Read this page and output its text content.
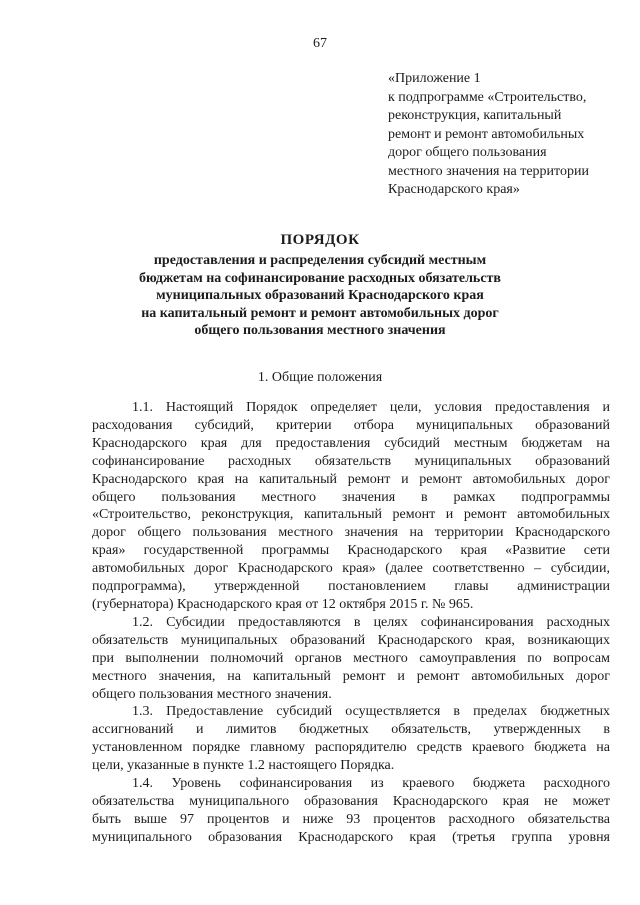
67
«Приложение 1
к подпрограмме «Строительство,
реконструкция, капитальный
ремонт и ремонт автомобильных
дорог общего пользования
местного значения на территории
Краснодарского края»
ПОРЯДОК
предоставления и распределения субсидий местным
бюджетам на софинансирование расходных обязательств
муниципальных образований Краснодарского края
на капитальный ремонт и ремонт автомобильных дорог
общего пользования местного значения
1. Общие положения
1.1. Настоящий Порядок определяет цели, условия предоставления и
расходования субсидий, критерии отбора муниципальных образований
Краснодарского края для предоставления субсидий местным бюджетам на
софинансирование расходных обязательств муниципальных образований
Краснодарского края на капитальный ремонт и ремонт автомобильных дорог
общего пользования местного значения в рамках подпрограммы
«Строительство, реконструкция, капитальный ремонт и ремонт автомобильных
дорог общего пользования местного значения на территории Краснодарского
края» государственной программы Краснодарского края «Развитие сети
автомобильных дорог Краснодарского края» (далее соответственно – субсидии,
подпрограмма), утвержденной постановлением главы администрации
(губернатора) Краснодарского края от 12 октября 2015 г. № 965.
1.2. Субсидии предоставляются в целях софинансирования расходных
обязательств муниципальных образований Краснодарского края, возникающих
при выполнении полномочий органов местного самоуправления по вопросам
местного значения, на капитальный ремонт и ремонт автомобильных дорог
общего пользования местного значения.
1.3. Предоставление субсидий осуществляется в пределах бюджетных
ассигнований и лимитов бюджетных обязательств, утвержденных в
установленном порядке главному распорядителю средств краевого бюджета на
цели, указанные в пункте 1.2 настоящего Порядка.
1.4. Уровень софинансирования из краевого бюджета расходного
обязательства муниципального образования Краснодарского края не может
быть выше 97 процентов и ниже 93 процентов расходного обязательства
муниципального образования Краснодарского края (третья группа уровня
